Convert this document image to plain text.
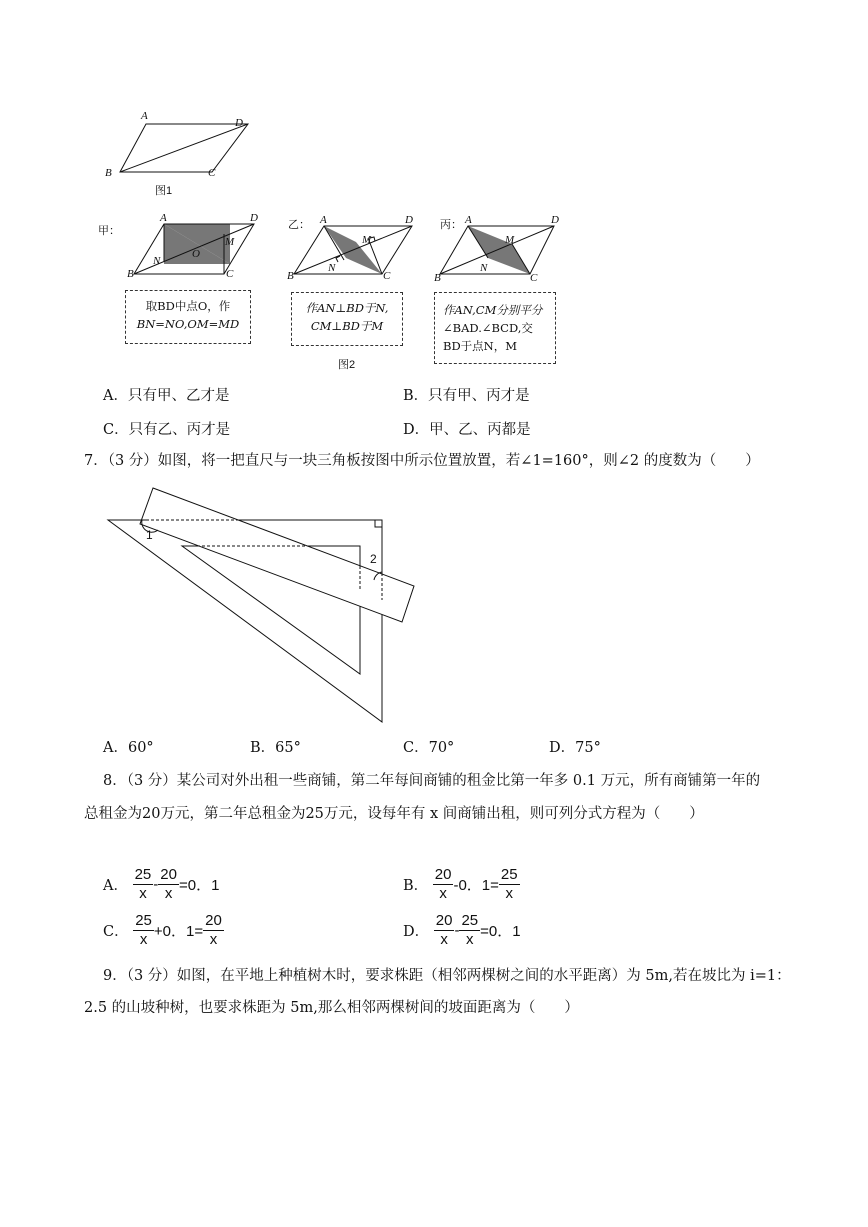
A
D
B	C
图1
甲：
A	D
M
N
O
B	C
取BD中点O，作
BN=NO,OM=MD
乙： A	D
M
N
B	C
作AN⊥BD于N,
CM⊥BD于M
图2
丙： A	D
M
N
B	C
作AN,CM分别平分
∠BAD.∠BCD,交
BD于点N，M
A．只有甲、乙才是	B．只有甲、丙才是
C．只有乙、丙才是	D．甲、乙、丙都是
7．（3 分）如图，将一把直尺与一块三角板按图中所示位置放置，若∠1=160°，则∠2 的度数为（　　）
1
2
A．60°	B．65°	C．70°	D．75°
8．（3 分）某公司对外出租一些商铺，第二年每间商铺的租金比第一年多 0.1 万元，所有商铺第一年的
总租金为20万元，第二年总租金为25万元，设每年有 x 间商铺出租，则可列分式方程为（　　）
A． $\frac{25}{x} - \frac{20}{x} =0$．1	B． $\frac{20}{x} -0$．$1= \frac{25}{x}$
C． $\frac{25}{x} +0$．$1= \frac{20}{x}$	D． $\frac{20}{x} - \frac{25}{x} =0$．1
9．（3 分）如图，在平地上种植树木时，要求株距（相邻两棵树之间的水平距离）为 5m,若在坡比为 i=1：
2.5 的山坡种树，也要求株距为 5m,那么相邻两棵树间的坡面距离为（　　）
